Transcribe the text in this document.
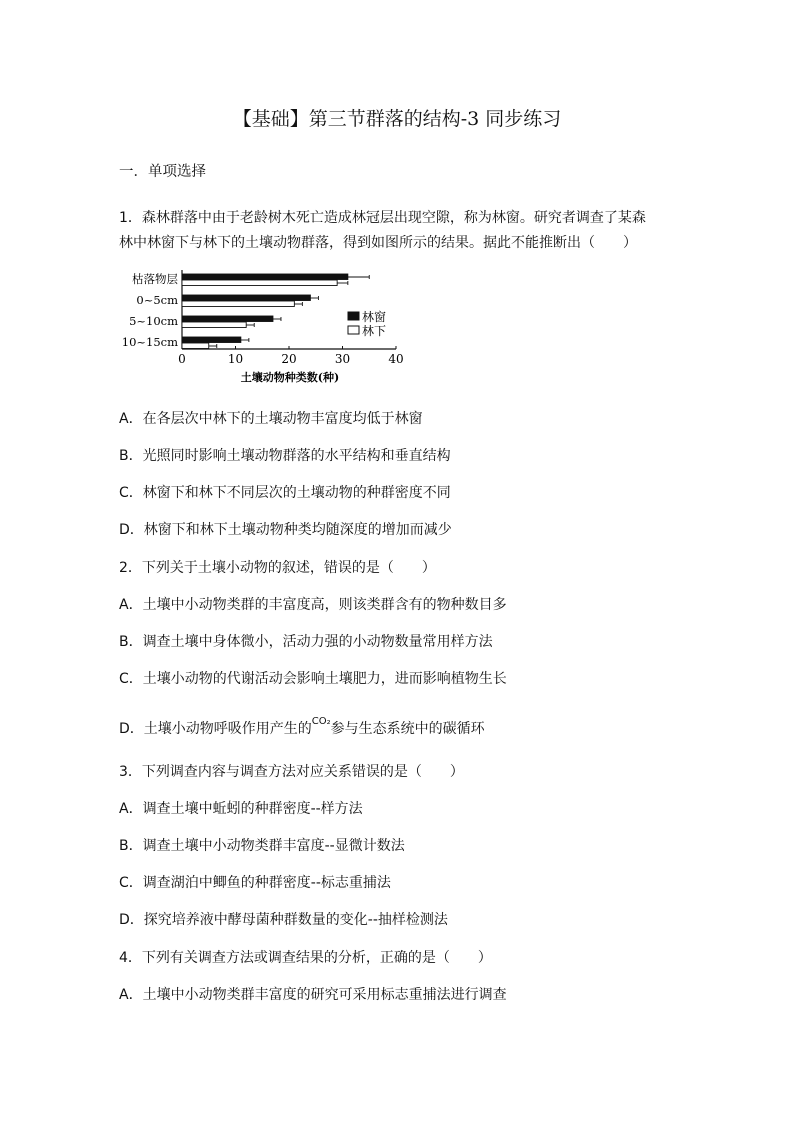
【基础】第三节群落的结构-3 同步练习
一．单项选择
1．森林群落中由于老龄树木死亡造成林冠层出现空隙，称为林窗。研究者调查了某森
林中林窗下与林下的土壤动物群落，得到如图所示的结果。据此不能推断出（　　）
0	10	20	30	40
土壤动物种类数(种)
枯落物层
0~5cm
5~10cm
10~15cm
林窗
林下
A．在各层次中林下的土壤动物丰富度均低于林窗
B．光照同时影响土壤动物群落的水平结构和垂直结构
C．林窗下和林下不同层次的土壤动物的种群密度不同
D．林窗下和林下土壤动物种类均随深度的增加而减少
2．下列关于土壤小动物的叙述，错误的是（　　）
A．土壤中小动物类群的丰富度高，则该类群含有的物种数目多
B．调查土壤中身体微小，活动力强的小动物数量常用样方法
C．土壤小动物的代谢活动会影响土壤肥力，进而影响植物生长
D．土壤小动物呼吸作用产生的$^{CO_2}$参与生态系统中的碳循环
3．下列调查内容与调查方法对应关系错误的是（　　）
A．调查土壤中蚯蚓的种群密度--样方法
B．调查土壤中小动物类群丰富度--显微计数法
C．调查湖泊中鲫鱼的种群密度--标志重捕法
D．探究培养液中酵母菌种群数量的变化--抽样检测法
4．下列有关调查方法或调查结果的分析，正确的是（　　）
A．土壤中小动物类群丰富度的研究可采用标志重捕法进行调查
